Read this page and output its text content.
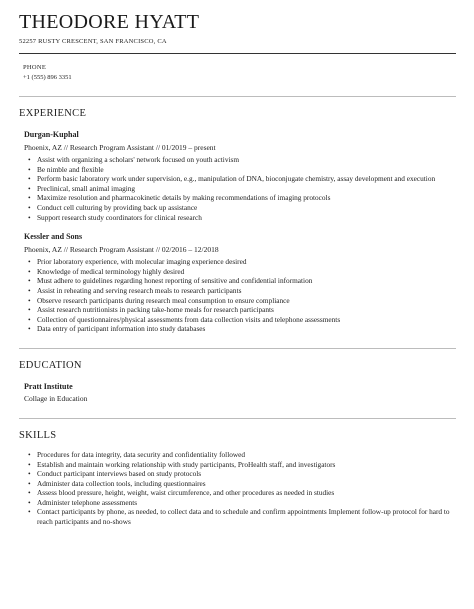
THEODORE HYATT
52257 RUSTY CRESCENT, SAN FRANCISCO, CA
PHONE
+1 (555) 896 3351
EXPERIENCE
Durgan-Kuphal
Phoenix, AZ // Research Program Assistant // 01/2019 – present
• Assist with organizing a scholars' network focused on youth activism
• Be nimble and flexible
• Perform basic laboratory work under supervision, e.g., manipulation of DNA, bioconjugate chemistry, assay development and execution
• Preclinical, small animal imaging
• Maximize resolution and pharmacokinetic details by making recommendations of imaging protocols
• Conduct cell culturing by providing back up assistance
• Support research study coordinators for clinical research
Kessler and Sons
Phoenix, AZ // Research Program Assistant // 02/2016 – 12/2018
• Prior laboratory experience, with molecular imaging experience desired
• Knowledge of medical terminology highly desired
• Must adhere to guidelines regarding honest reporting of sensitive and confidential information
• Assist in reheating and serving research meals to research participants
• Observe research participants during research meal consumption to ensure compliance
• Assist research nutritionists in packing take-home meals for research participants
• Collection of questionnaires/physical assessments from data collection visits and telephone assessments
• Data entry of participant information into study databases
EDUCATION
Pratt Institute
Collage in Education
SKILLS
• Procedures for data integrity, data security and confidentiality followed
• Establish and maintain working relationship with study participants, ProHealth staff, and investigators
• Conduct participant interviews based on study protocols
• Administer data collection tools, including questionnaires
• Assess blood pressure, height, weight, waist circumference, and other procedures as needed in studies
• Administer telephone assessments
• Contact participants by phone, as needed, to collect data and to schedule and confirm appointments Implement follow-up protocol for hard to reach participants and no-shows
